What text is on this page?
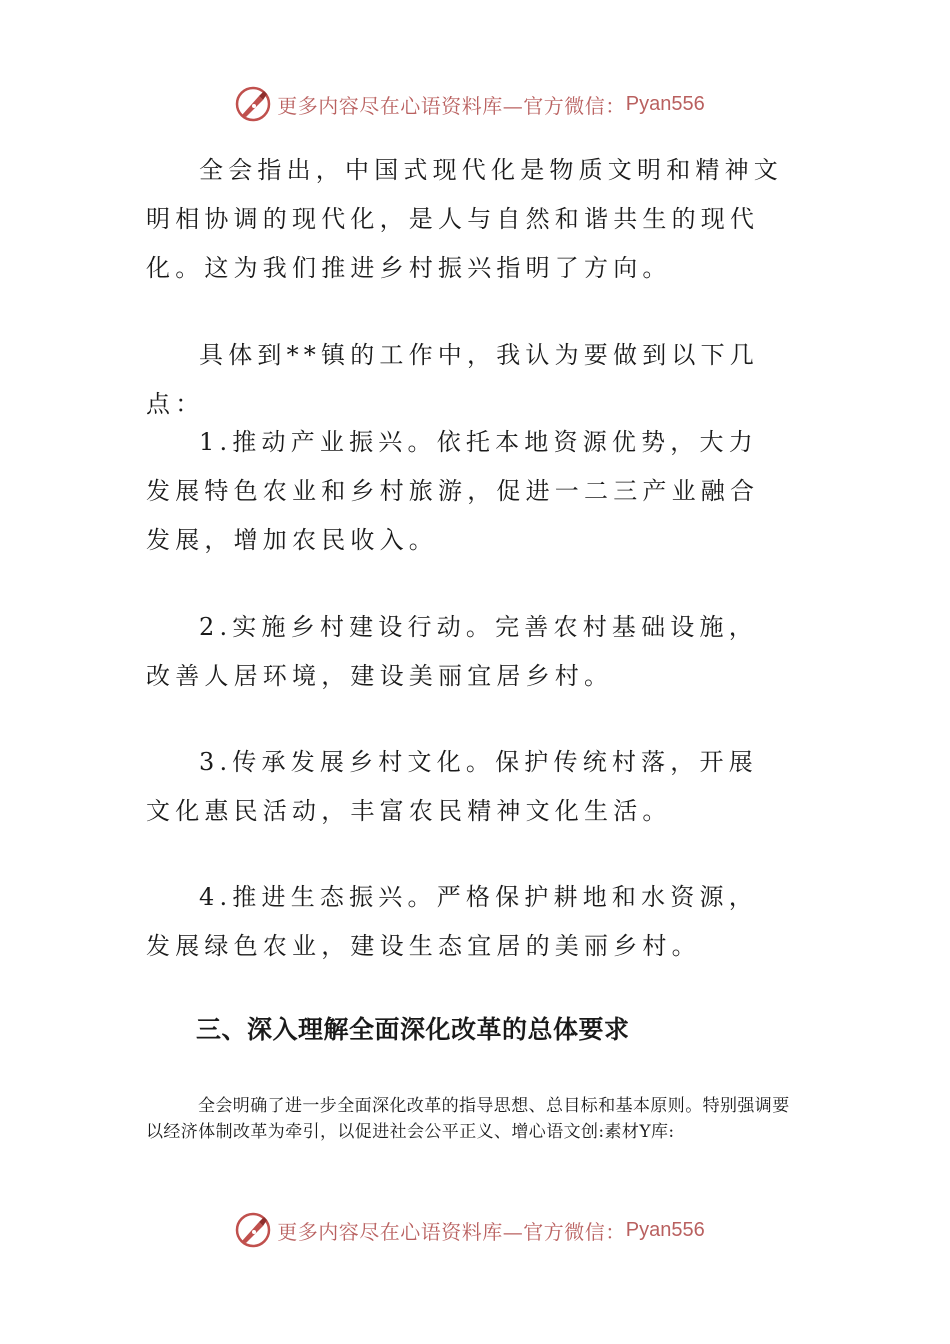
更多内容尽在心语资料库—官方微信： Pyan556

全会指出，中国式现代化是物质文明和精神文明相协调的现代化，是人与自然和谐共生的现代化。这为我们推进乡村振兴指明了方向。

具体到**镇的工作中，我认为要做到以下几点：

1.推动产业振兴。依托本地资源优势，大力发展特色农业和乡村旅游，促进一二三产业融合发展，增加农民收入。

2.实施乡村建设行动。完善农村基础设施，改善人居环境，建设美丽宜居乡村。

3.传承发展乡村文化。保护传统村落，开展文化惠民活动，丰富农民精神文化生活。

4.推进生态振兴。严格保护耕地和水资源，发展绿色农业，建设生态宜居的美丽乡村。

三、深入理解全面深化改革的总体要求

全会明确了进一步全面深化改革的指导思想、总目标和基本原则。特别强调要以经济体制改革为牵引，以促进社会公平正义、增心语文创:素材Y库:

更多内容尽在心语资料库—官方微信： Pyan556
